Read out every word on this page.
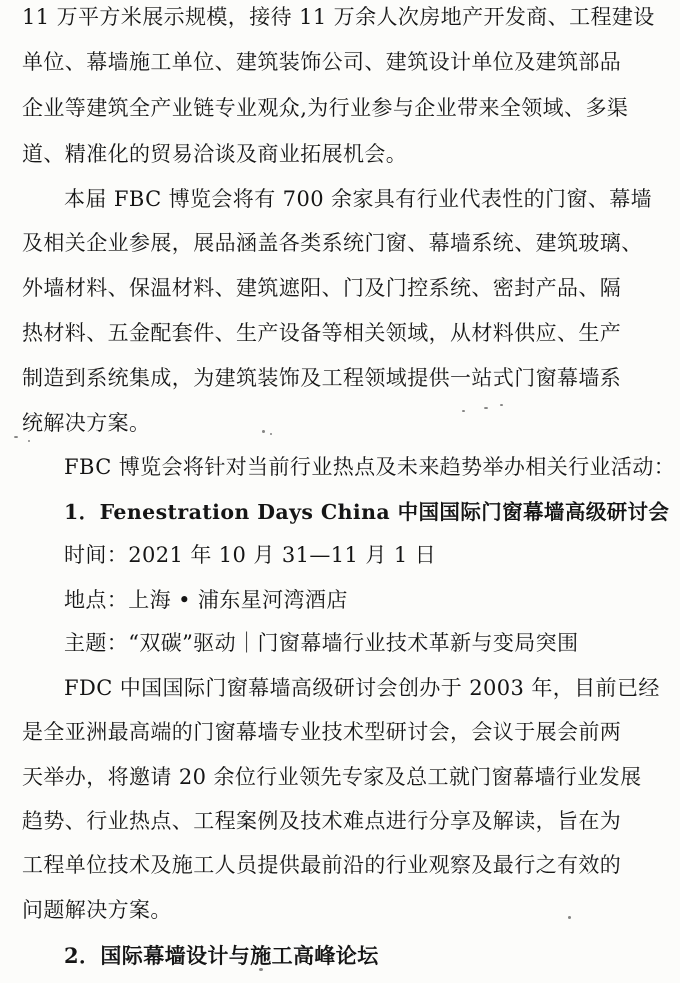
11 万平方米展示规模，接待 11 万余人次房地产开发商、工程建设
单位、幕墙施工单位、建筑装饰公司、建筑设计单位及建筑部品
企业等建筑全产业链专业观众,为行业参与企业带来全领域、多渠
道、精准化的贸易洽谈及商业拓展机会。
本届 FBC 博览会将有 700 余家具有行业代表性的门窗、幕墙
及相关企业参展，展品涵盖各类系统门窗、幕墙系统、建筑玻璃、
外墙材料、保温材料、建筑遮阳、门及门控系统、密封产品、隔
热材料、五金配套件、生产设备等相关领域，从材料供应、生产
制造到系统集成，为建筑装饰及工程领域提供一站式门窗幕墙系
统解决方案。
FBC 博览会将针对当前行业热点及未来趋势举办相关行业活动：
1．Fenestration Days China 中国国际门窗幕墙高级研讨会
时间：2021 年 10 月 31—11 月 1 日
地点：上海 • 浦东星河湾酒店
主题：“双碳”驱动｜门窗幕墙行业技术革新与变局突围
FDC 中国国际门窗幕墙高级研讨会创办于 2003 年，目前已经
是全亚洲最高端的门窗幕墙专业技术型研讨会，会议于展会前两
天举办，将邀请 20 余位行业领先专家及总工就门窗幕墙行业发展
趋势、行业热点、工程案例及技术难点进行分享及解读，旨在为
工程单位技术及施工人员提供最前沿的行业观察及最行之有效的
问题解决方案。
2．国际幕墙设计与施工高峰论坛
